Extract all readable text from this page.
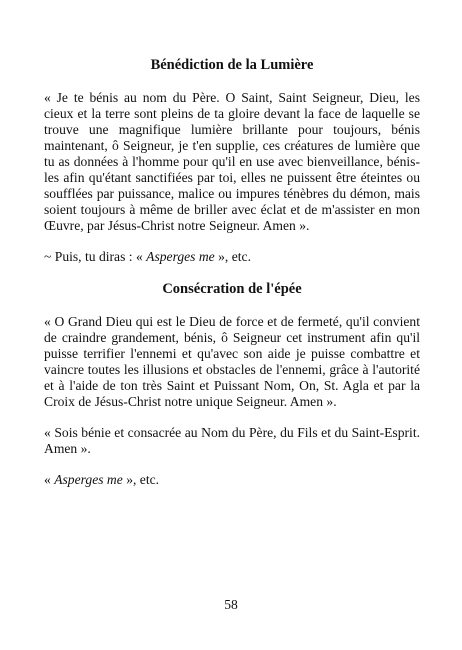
Bénédiction de la Lumière

« Je te bénis au nom du Père. O Saint, Saint Seigneur, Dieu, les cieux et la terre sont pleins de ta gloire devant la face de laquelle se trouve une magnifique lumière brillante pour toujours, bénis maintenant, ô Seigneur, je t'en supplie, ces créatures de lumière que tu as données à l'homme pour qu'il en use avec bienveillance, bénis-les afin qu'étant sanctifiées par toi, elles ne puissent être éteintes ou soufflées par puissance, malice ou impures ténèbres du démon, mais soient toujours à même de briller avec éclat et de m'assister en mon Œuvre, par Jésus-Christ notre Seigneur. Amen ».

~ Puis, tu diras : « Asperges me », etc.

Consécration de l'épée

« O Grand Dieu qui est le Dieu de force et de fermeté, qu'il convient de craindre grandement, bénis, ô Seigneur cet instrument afin qu'il puisse terrifier l'ennemi et qu'avec son aide je puisse combattre et vaincre toutes les illusions et obstacles de l'ennemi, grâce à l'autorité et à l'aide de ton très Saint et Puissant Nom, On, St. Agla et par la Croix de Jésus-Christ notre unique Seigneur. Amen ».

« Sois bénie et consacrée au Nom du Père, du Fils et du Saint-Esprit. Amen ».

« Asperges me », etc.

58
